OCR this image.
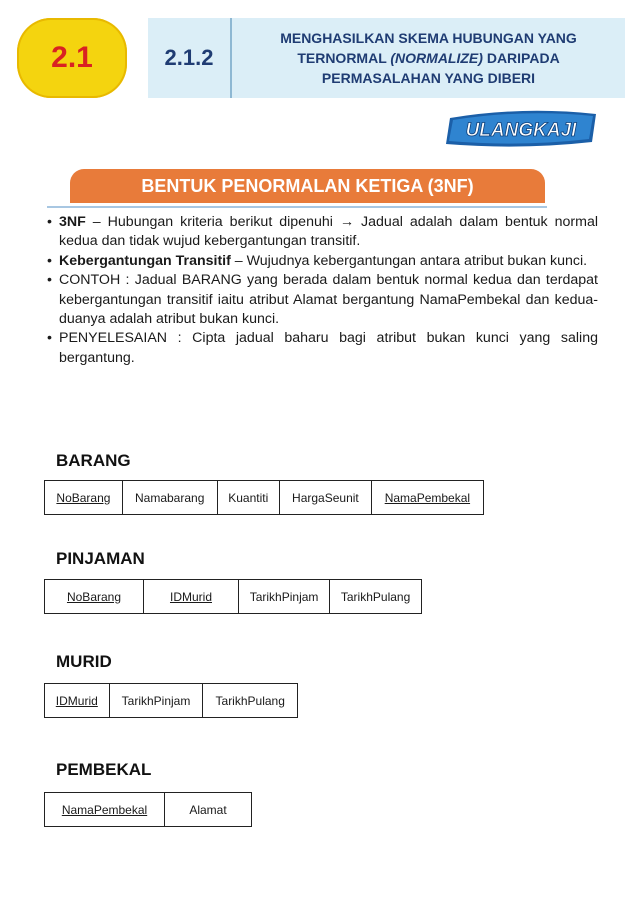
2.1	2.1.2
MENGHASILKAN SKEMA HUBUNGAN YANG
TERNORMAL (NORMALIZE) DARIPADA
PERMASALAHAN YANG DIBERI
ULANGKAJI
BENTUK PENORMALAN KETIGA (3NF)
• 3NF – Hubungan kriteria berikut dipenuhi → Jadual adalah dalam bentuk normal kedua dan tidak wujud kebergantungan transitif.
• Kebergantungan Transitif – Wujudnya kebergantungan antara atribut bukan kunci.
• CONTOH : Jadual BARANG yang berada dalam bentuk normal kedua dan terdapat kebergantungan transitif iaitu atribut Alamat bergantung NamaPembekal dan kedua-duanya adalah atribut bukan kunci.
• PENYELESAIAN : Cipta jadual baharu bagi atribut bukan kunci yang saling bergantung.
BARANG
NoBarang	Namabarang	Kuantiti	HargaSeunit	NamaPembekal
PINJAMAN
NoBarang	IDMurid	TarikhPinjam	TarikhPulang
MURID
IDMurid	TarikhPinjam	TarikhPulang
PEMBEKAL
NamaPembekal	Alamat
